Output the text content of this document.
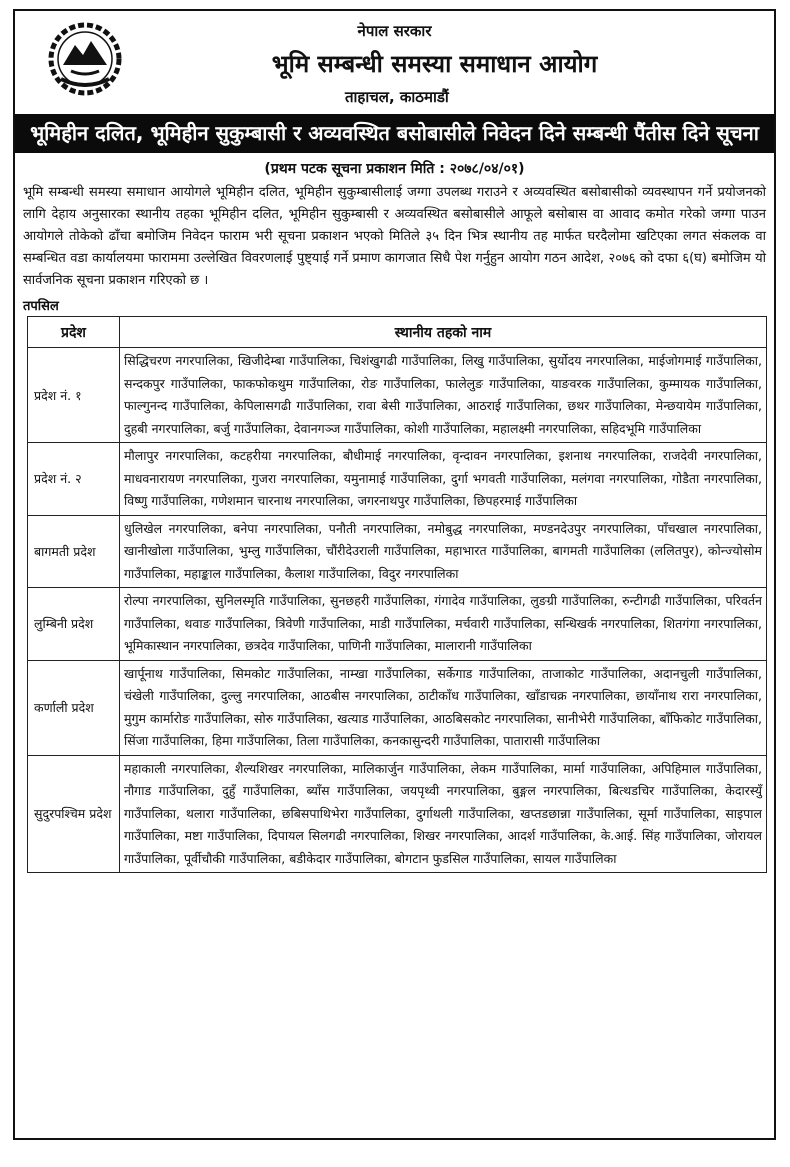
नेपाल सरकार
भूमि सम्बन्धी समस्या समाधान आयोग
ताहाचल, काठमाडौं
भूमिहीन दलित, भूमिहीन सुकुम्बासी र अव्यवस्थित बसोबासीले निवेदन दिने सम्बन्धी पैंतीस दिने सूचना
(प्रथम पटक सूचना प्रकाशन मिति : २०७८/०४/०१)
भूमि सम्बन्धी समस्या समाधान आयोगले भूमिहीन दलित, भूमिहीन सुकुम्बासीलाई जग्गा उपलब्ध गराउने र अव्यवस्थित बसोबासीको व्यवस्थापन गर्ने प्रयोजनको लागि देहाय अनुसारका स्थानीय तहका भूमिहीन दलित, भूमिहीन सुकुम्बासी र अव्यवस्थित बसोबासीले आफूले बसोबास वा आवाद कमोत गरेको जग्गा पाउन आयोगले तोकेको ढाँचा बमोजिम निवेदन फाराम भरी सूचना प्रकाशन भएको मितिले ३५ दिन भित्र स्थानीय तह मार्फत घरदैलोमा खटिएका लगत संकलक वा सम्बन्धित वडा कार्यालयमा फाराममा उल्लेखित विवरणलाई पुष्ट्याई गर्ने प्रमाण कागजात सिधै पेश गर्नुहुन आयोग गठन आदेश, २०७६ को दफा ६(घ) बमोजिम यो सार्वजनिक सूचना प्रकाशन गरिएको छ ।
तपसिल
प्रदेश	स्थानीय तहको नाम
प्रदेश नं. १	सिद्धिचरण नगरपालिका, खिजीदेम्बा गाउँपालिका, चिशंखुगढी गाउँपालिका, लिखु गाउँपालिका, सुर्योदय नगरपालिका, माईजोगमाई गाउँपालिका, सन्दकपुर गाउँपालिका, फाकफोकथुम गाउँपालिका, रोङ गाउँपालिका, फालेलुङ गाउँपालिका, याङवरक गाउँपालिका, कुम्मायक गाउँपालिका, फाल्गुनन्द गाउँपालिका, केपिलासगढी गाउँपालिका, रावा बेसी गाउँपालिका, आठराई गाउँपालिका, छथर गाउँपालिका, मेन्छयायेम गाउँपालिका, दुहबी नगरपालिका, बर्जु गाउँपालिका, देवानगञ्ज गाउँपालिका, कोशी गाउँपालिका, महालक्ष्मी नगरपालिका, सहिदभूमि गाउँपालिका
प्रदेश नं. २	मौलापुर नगरपालिका, कटहरीया नगरपालिका, बौधीमाई नगरपालिका, वृन्दावन नगरपालिका, इशनाथ नगरपालिका, राजदेवी नगरपालिका, माधवनारायण नगरपालिका, गुजरा नगरपालिका, यमुनामाई गाउँपालिका, दुर्गा भगवती गाउँपालिका, मलंगवा नगरपालिका, गोडैता नगरपालिका, विष्णु गाउँपालिका, गणेशमान चारनाथ नगरपालिका, जगरनाथपुर गाउँपालिका, छिपहरमाई गाउँपालिका
बागमती प्रदेश	धुलिखेल नगरपालिका, बनेपा नगरपालिका, पनौती नगरपालिका, नमोबुद्ध नगरपालिका, मण्डनदेउपुर नगरपालिका, पाँचखाल नगरपालिका, खानीखोला गाउँपालिका, भुम्लु गाउँपालिका, चौंरीदेउराली गाउँपालिका, महाभारत गाउँपालिका, बागमती गाउँपालिका (ललितपुर), कोन्ज्योसोम गाउँपालिका, महाङ्काल गाउँपालिका, कैलाश गाउँपालिका, विदुर नगरपालिका
लुम्बिनी प्रदेश	रोल्पा नगरपालिका, सुनिलस्मृति गाउँपालिका, सुनछहरी गाउँपालिका, गंगादेव गाउँपालिका, लुङग्री गाउँपालिका, रुन्टीगढी गाउँपालिका, परिवर्तन गाउँपालिका, थवाङ गाउँपालिका, त्रिवेणी गाउँपालिका, माडी गाउँपालिका, मर्चवारी गाउँपालिका, सन्धिखर्क नगरपालिका, शितगंगा नगरपालिका, भूमिकास्थान नगरपालिका, छत्रदेव गाउँपालिका, पाणिनी गाउँपालिका, मालारानी गाउँपालिका
कर्णाली प्रदेश	खार्पूनाथ गाउँपालिका, सिमकोट गाउँपालिका, नाम्खा गाउँपालिका, सर्केगाड गाउँपालिका, ताजाकोट गाउँपालिका, अदानचुली गाउँपालिका, चंखेली गाउँपालिका, दुल्लु नगरपालिका, आठबीस नगरपालिका, ठाटीकाँध गाउँपालिका, खाँडाचक्र नगरपालिका, छायाँनाथ रारा नगरपालिका, मुगुम कार्मारोङ गाउँपालिका, सोरु गाउँपालिका, खत्याड गाउँपालिका, आठबिसकोट नगरपालिका, सानीभेरी गाउँपालिका, बाँफिकोट गाउँपालिका, सिंजा गाउँपालिका, हिमा गाउँपालिका, तिला गाउँपालिका, कनकासुन्दरी गाउँपालिका, पातारासी गाउँपालिका
सुदुरपश्चिम प्रदेश	महाकाली नगरपालिका, शैल्यशिखर नगरपालिका, मालिकार्जुन गाउँपालिका, लेकम गाउँपालिका, मार्मा गाउँपालिका, अपिहिमाल गाउँपालिका, नौगाड गाउँपालिका, दुहुँ गाउँपालिका, ब्याँस गाउँपालिका, जयपृथ्वी नगरपालिका, बुङ्गल नगरपालिका, बित्थडचिर गाउँपालिका, केदारस्युँ गाउँपालिका, थलारा गाउँपालिका, छबिसपाथिभेरा गाउँपालिका, दुर्गाथली गाउँपालिका, खप्तडछान्ना गाउँपालिका, सूर्मा गाउँपालिका, साइपाल गाउँपालिका, मष्टा गाउँपालिका, दिपायल सिलगढी नगरपालिका, शिखर नगरपालिका, आदर्श गाउँपालिका, के.आई. सिंह गाउँपालिका, जोरायल गाउँपालिका, पूर्वीचौकी गाउँपालिका, बडीकेदार गाउँपालिका, बोगटान फुडसिल गाउँपालिका, सायल गाउँपालिका
